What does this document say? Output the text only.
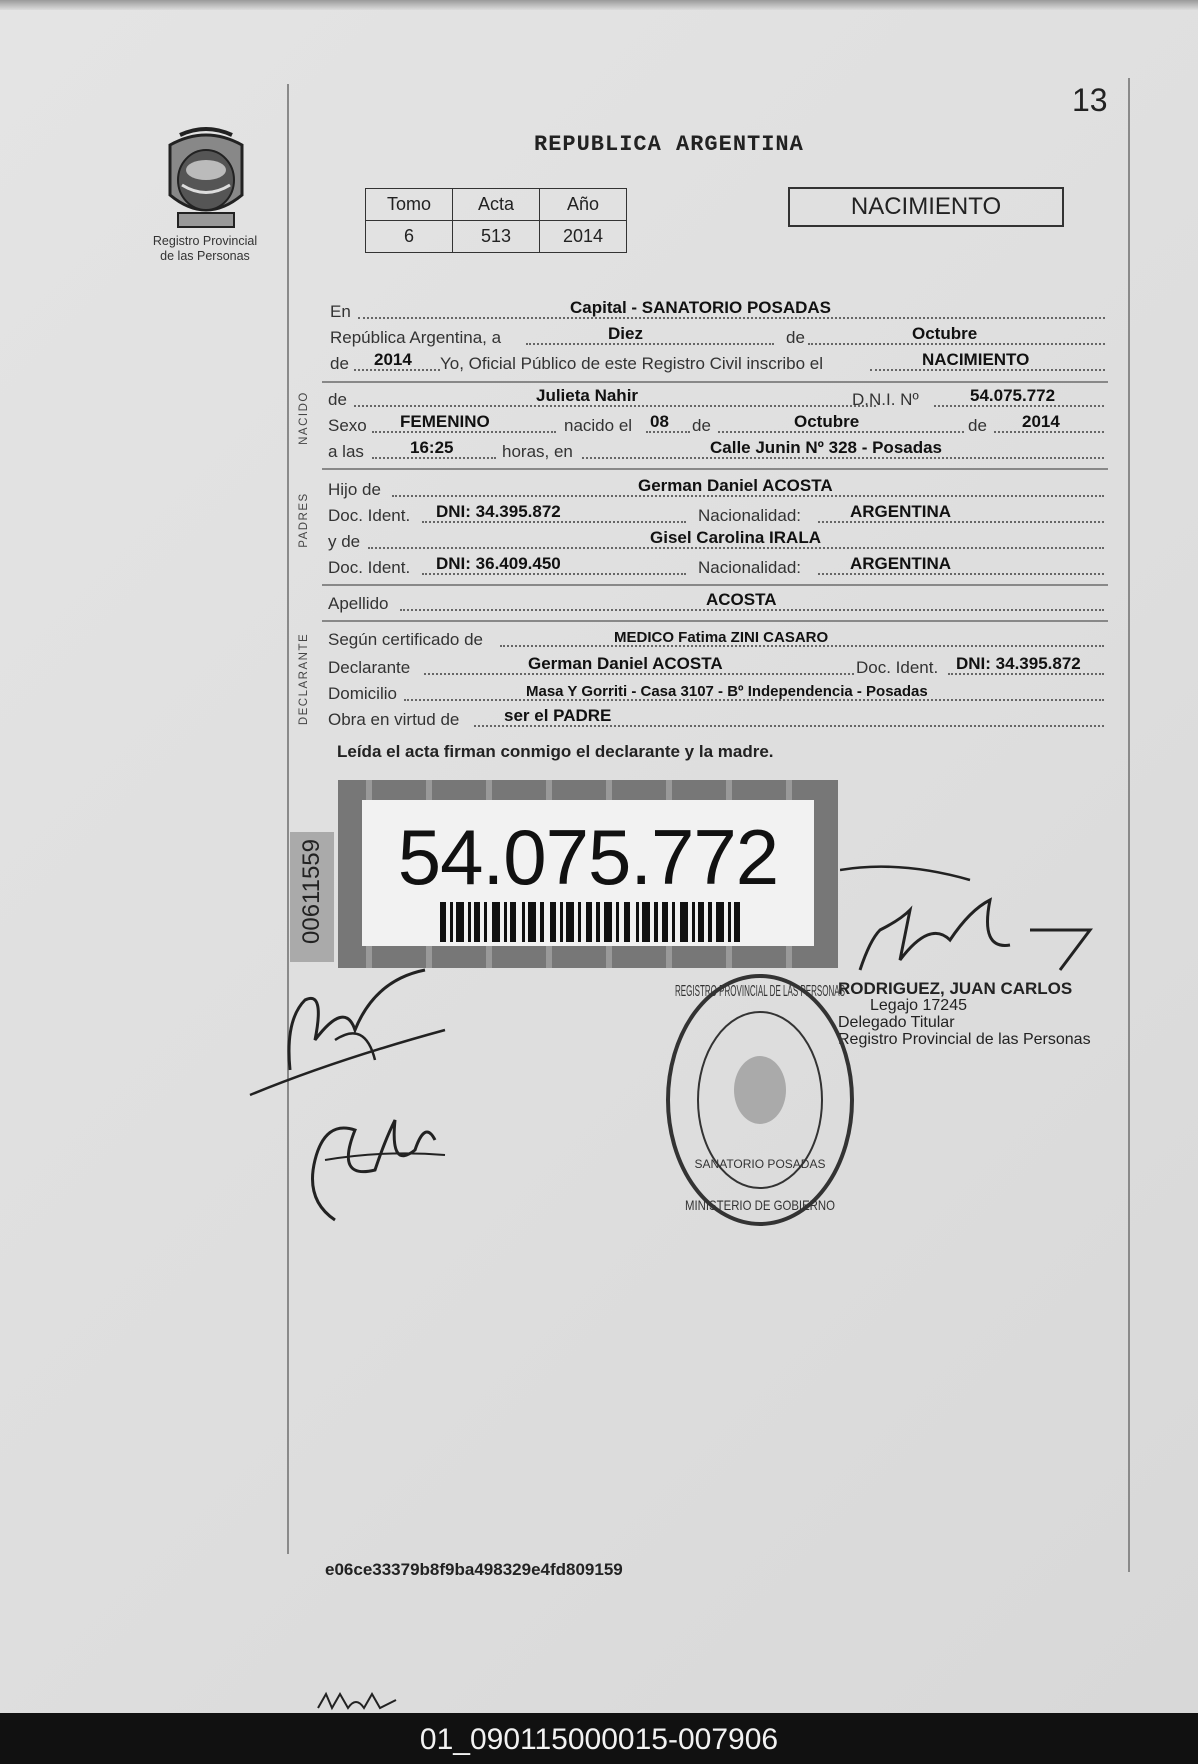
13
Registro Provincial
de las Personas
REPUBLICA ARGENTINA
Tomo	Acta	Año
6	513	2014
NACIMIENTO
En	Capital - SANATORIO POSADAS
República Argentina, a	Diez	de	Octubre
de 2014 Yo, Oficial Público de este Registro Civil inscribo el	NACIMIENTO
NACIDO de	Julieta Nahir	D.N.I. Nº	54.075.772
Sexo FEMENINO	nacido el 08 de	Octubre	de 2014
a las	16:25	horas, en	Calle Junin Nº 328 - Posadas
PADRES
Hijo de	German Daniel ACOSTA
Doc. Ident. DNI: 34.395.872	Nacionalidad:	ARGENTINA
y de	Gisel Carolina IRALA
Doc. Ident. DNI: 36.409.450	Nacionalidad:	ARGENTINA
Apellido	ACOSTA
DECLARANTE Según certificado de	MEDICO Fatima ZINI CASARO
Declarante	German Daniel ACOSTA	Doc. Ident. DNI: 34.395.872
Domicilio	Masa Y Gorriti - Casa 3107 - Bº Independencia - Posadas
Obra en virtud de	ser el PADRE
Leída el acta firman conmigo el declarante y la madre.
00611559 54.075.772
RODRIGUEZ, JUAN CARLOS
Legajo 17245
Delegado Titular
Registro Provincial de las Personas
REGISTRO PROVINCIAL DE LAS PERSONAS
SANATORIO POSADAS
MINISTERIO DE GOBIERNO
e06ce33379b8f9ba498329e4fd809159
01_090115000015-007906
